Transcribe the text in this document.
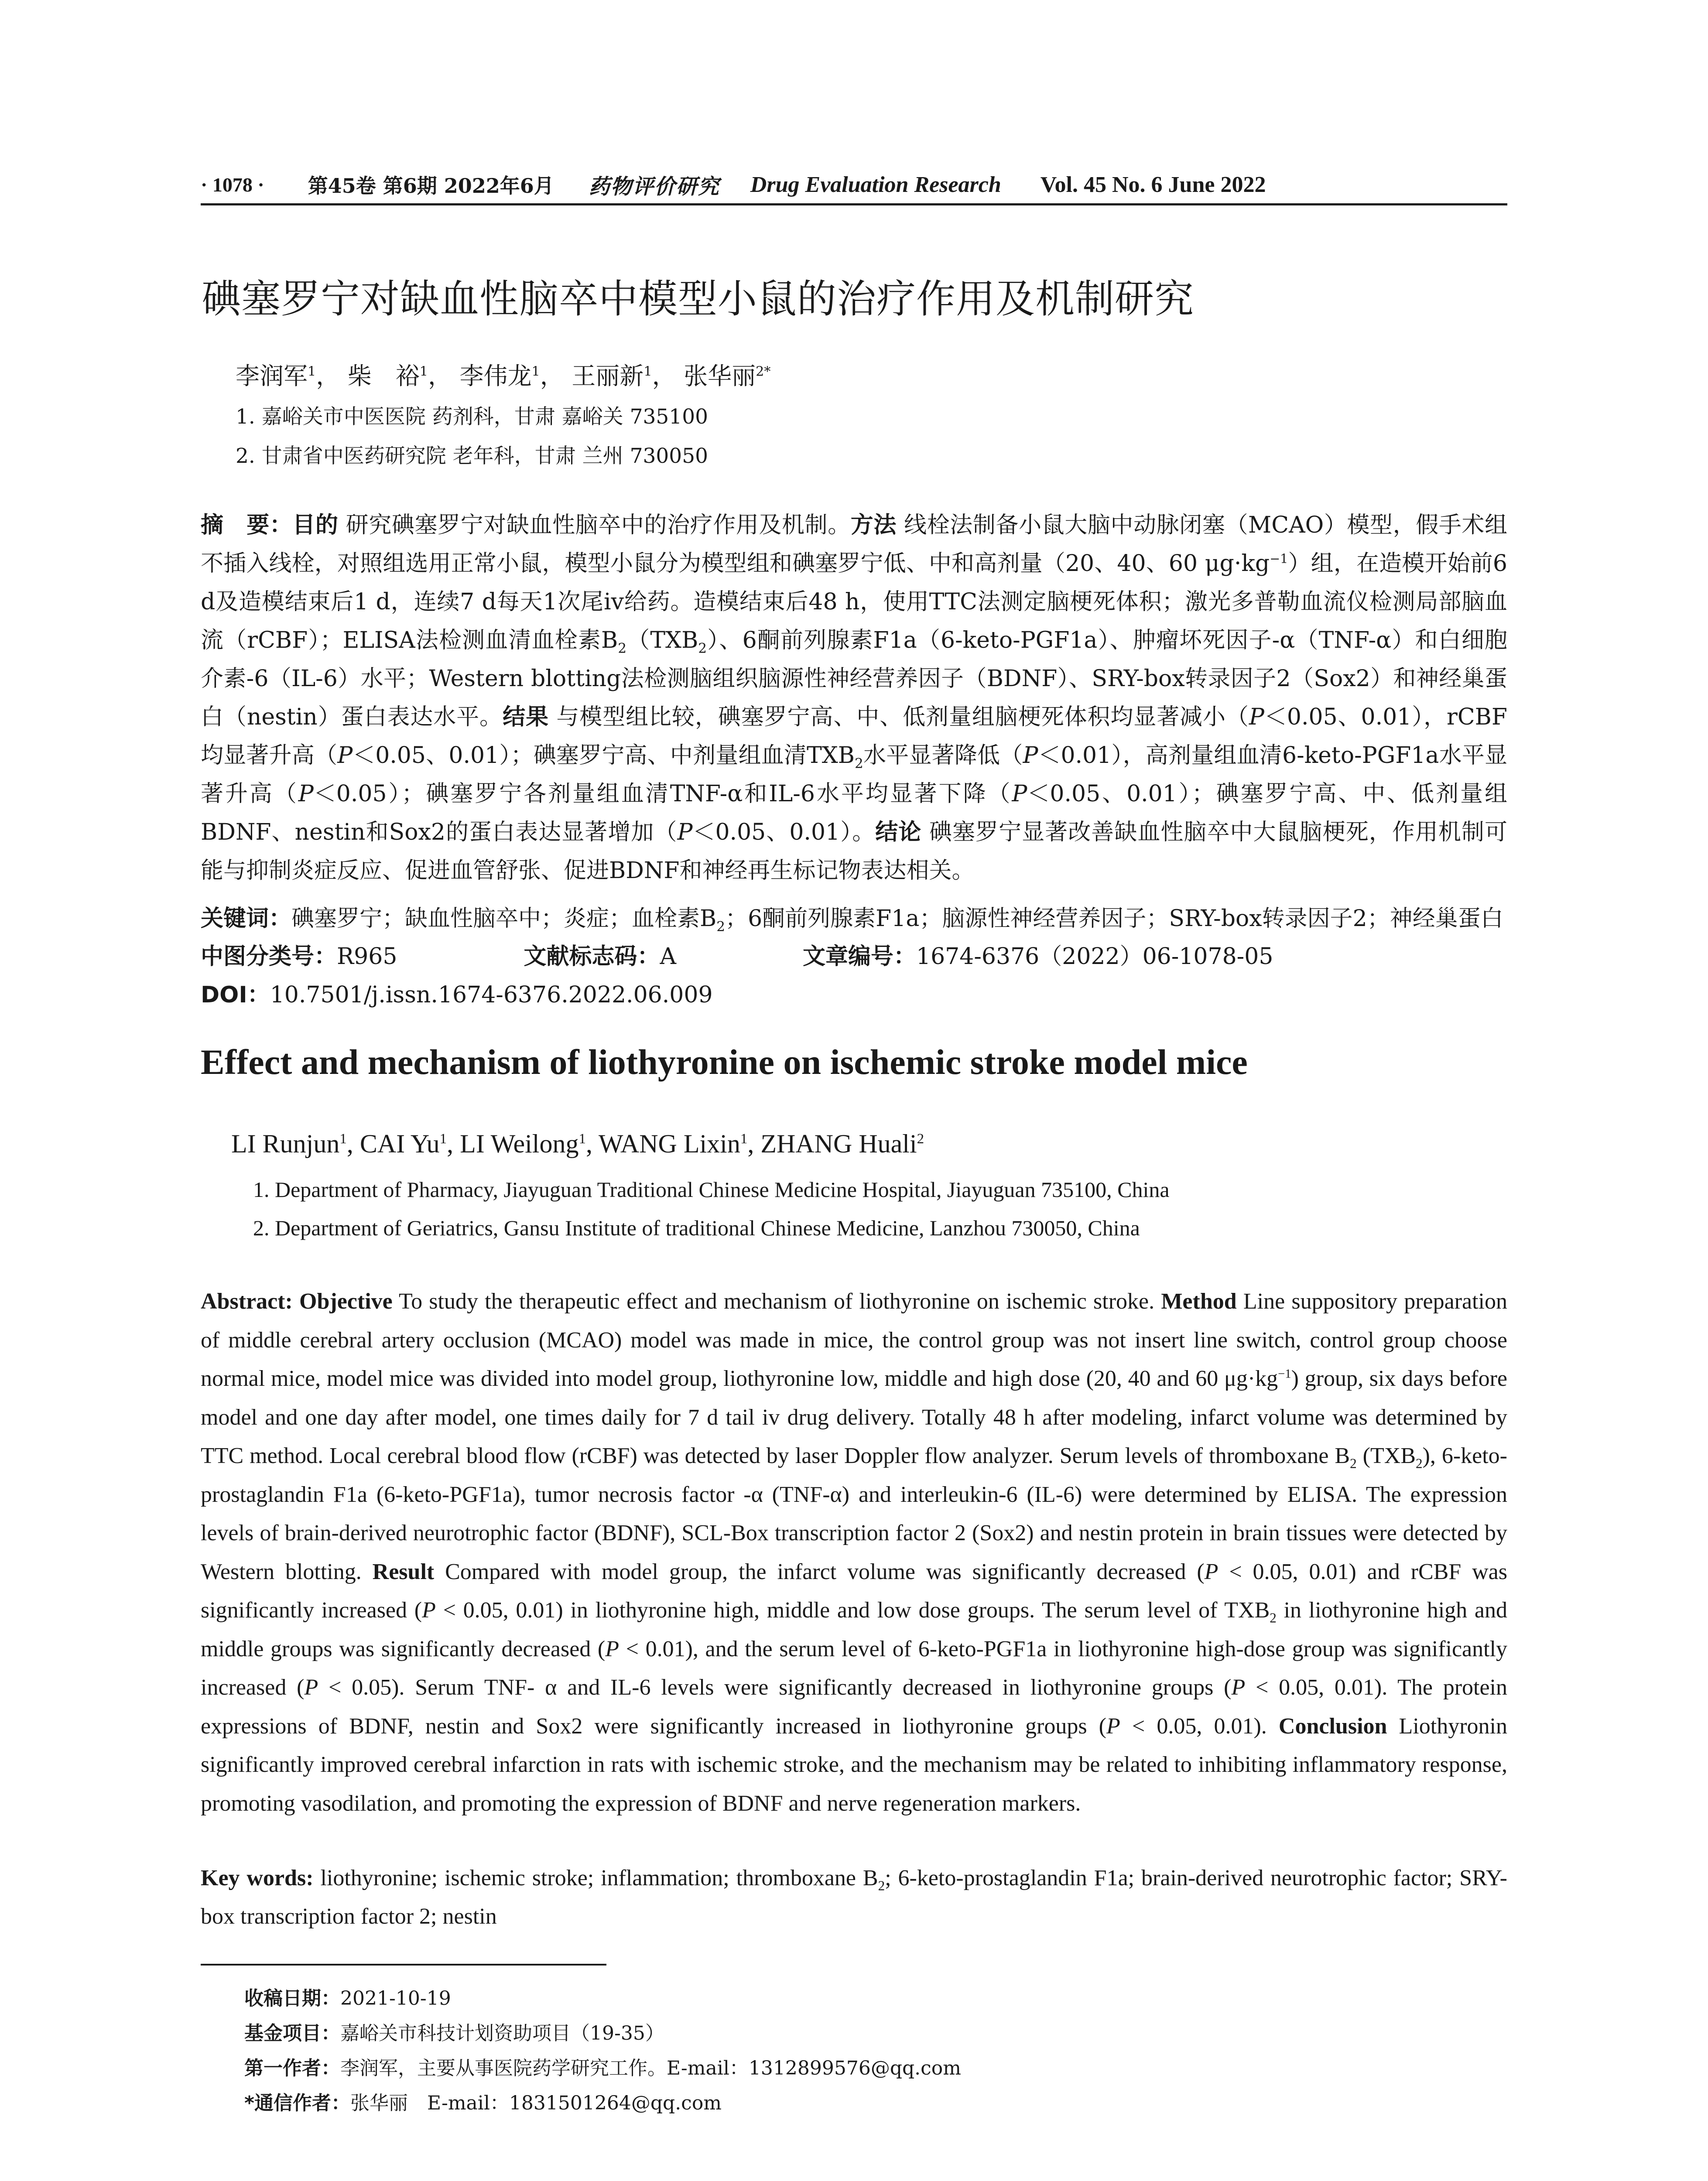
· 1078 · 第45卷 第6期 2022年6月 药物评价研究 Drug Evaluation Research Vol. 45 No. 6 June 2022
碘塞罗宁对缺血性脑卒中模型小鼠的治疗作用及机制研究
李润军$^1$， 柴　裕$^1$， 李伟龙$^1$， 王丽新$^1$， 张华丽$^{2*}$
1. 嘉峪关市中医医院 药剂科，甘肃 嘉峪关 735100
2. 甘肃省中医药研究院 老年科，甘肃 兰州 730050

摘　要：目的 研究碘塞罗宁对缺血性脑卒中的治疗作用及机制。方法 线栓法制备小鼠大脑中动脉闭塞（MCAO）模型，假手术组不插入线栓，对照组选用正常小鼠，模型小鼠分为模型组和碘塞罗宁低、中和高剂量（20、40、60 $\mu g\cdot kg^{-1}$）组，在造模开始前6 d及造模结束后1 d，连续7 d每天1次尾iv给药。造模结束后48 h，使用TTC法测定脑梗死体积；激光多普勒血流仪检测局部脑血流（rCBF）；ELISA法检测血清血栓素$B_2(TXB_2)$、6酮前列腺素F1a（6-keto-PGF1a）、肿瘤坏死因子-α（TNF-α）和白细胞介素-6（IL-6）水平；Western blotting法检测脑组织脑源性神经营养因子（BDNF）、SRY-box转录因子2（Sox2）和神经巢蛋白（nestin）蛋白表达水平。结果 与模型组比较，碘塞罗宁高、中、低剂量组脑梗死体积均显著减小（P＜0.05、0.01），rCBF均显著升高（P＜0.05、0.01）；碘塞罗宁高、中剂量组血清$TXB_2$水平显著降低（P＜0.01），高剂量组血清6-keto-PGF1a水平显著升高（P＜0.05）；碘塞罗宁各剂量组血清TNF-α和IL-6水平均显著下降（P＜0.05、0.01）；碘塞罗宁高、中、低剂量组BDNF、nestin和Sox2的蛋白表达显著增加（P＜0.05、0.01）。结论 碘塞罗宁显著改善缺血性脑卒中大鼠脑梗死，作用机制可能与抑制炎症反应、促进血管舒张、促进BDNF和神经再生标记物表达相关。

关键词：碘塞罗宁；缺血性脑卒中；炎症；血栓素$B_2$；6酮前列腺素F1a；脑源性神经营养因子；SRY-box转录因子2；神经巢蛋白
中图分类号：R965	文献标志码：A	文章编号：1674-6376（2022）06-1078-05
DOI：10.7501/j.issn.1674-6376.2022.06.009
Effect and mechanism of liothyronine on ischemic stroke model mice
LI Runjun$^1$, CAI Yu$^1$, LI Weilong$^1$, WANG Lixin$^1$, ZHANG Huali$^2$
1. Department of Pharmacy, Jiayuguan Traditional Chinese Medicine Hospital, Jiayuguan 735100, China
2. Department of Geriatrics, Gansu Institute of traditional Chinese Medicine, Lanzhou 730050, China

Abstract: Objective To study the therapeutic effect and mechanism of liothyronine on ischemic stroke. Method Line suppository preparation of middle cerebral artery occlusion (MCAO) model was made in mice, the control group was not insert line switch, control group choose normal mice, model mice was divided into model group, liothyronine low, middle and high dose (20, 40 and 60 $\mu g\cdot kg^{-1}$) group, six days before model and one day after model, one times daily for 7 d tail iv drug delivery. Totally 48 h after modeling, infarct volume was determined by TTC method. Local cerebral blood flow (rCBF) was detected by laser Doppler flow analyzer. Serum levels of thromboxane $B_2$ $(TXB_2)$, 6-keto-prostaglandin F1a (6-keto-PGF1a), tumor necrosis factor -α (TNF-α) and interleukin-6 (IL-6) were determined by ELISA. The expression levels of brain-derived neurotrophic factor (BDNF), SCL-Box transcription factor 2 (Sox2) and nestin protein in brain tissues were detected by Western blotting. Result Compared with model group, the infarct volume was significantly decreased (P < 0.05, 0.01) and rCBF was significantly increased (P < 0.05, 0.01) in liothyronine high, middle and low dose groups. The serum level of $TXB_2$ in liothyronine high and middle groups was significantly decreased (P < 0.01), and the serum level of 6-keto-PGF1a in liothyronine high-dose group was significantly increased (P < 0.05). Serum TNF- α and IL-6 levels were significantly decreased in liothyronine groups (P < 0.05, 0.01). The protein expressions of BDNF, nestin and Sox2 were significantly increased in liothyronine groups (P < 0.05, 0.01). Conclusion Liothyronin significantly improved cerebral infarction in rats with ischemic stroke, and the mechanism may be related to inhibiting inflammatory response, promoting vasodilation, and promoting the expression of BDNF and nerve regeneration markers.

Key words: liothyronine; ischemic stroke; inflammation; thromboxane $B_2$; 6-keto-prostaglandin F1a; brain-derived neurotrophic factor; SRY-box transcription factor 2; nestin

收稿日期：2021-10-19
基金项目：嘉峪关市科技计划资助项目（19-35）
第一作者：李润军，主要从事医院药学研究工作。E-mail：1312899576@qq.com
*通信作者：张华丽　E-mail：1831501264@qq.com
